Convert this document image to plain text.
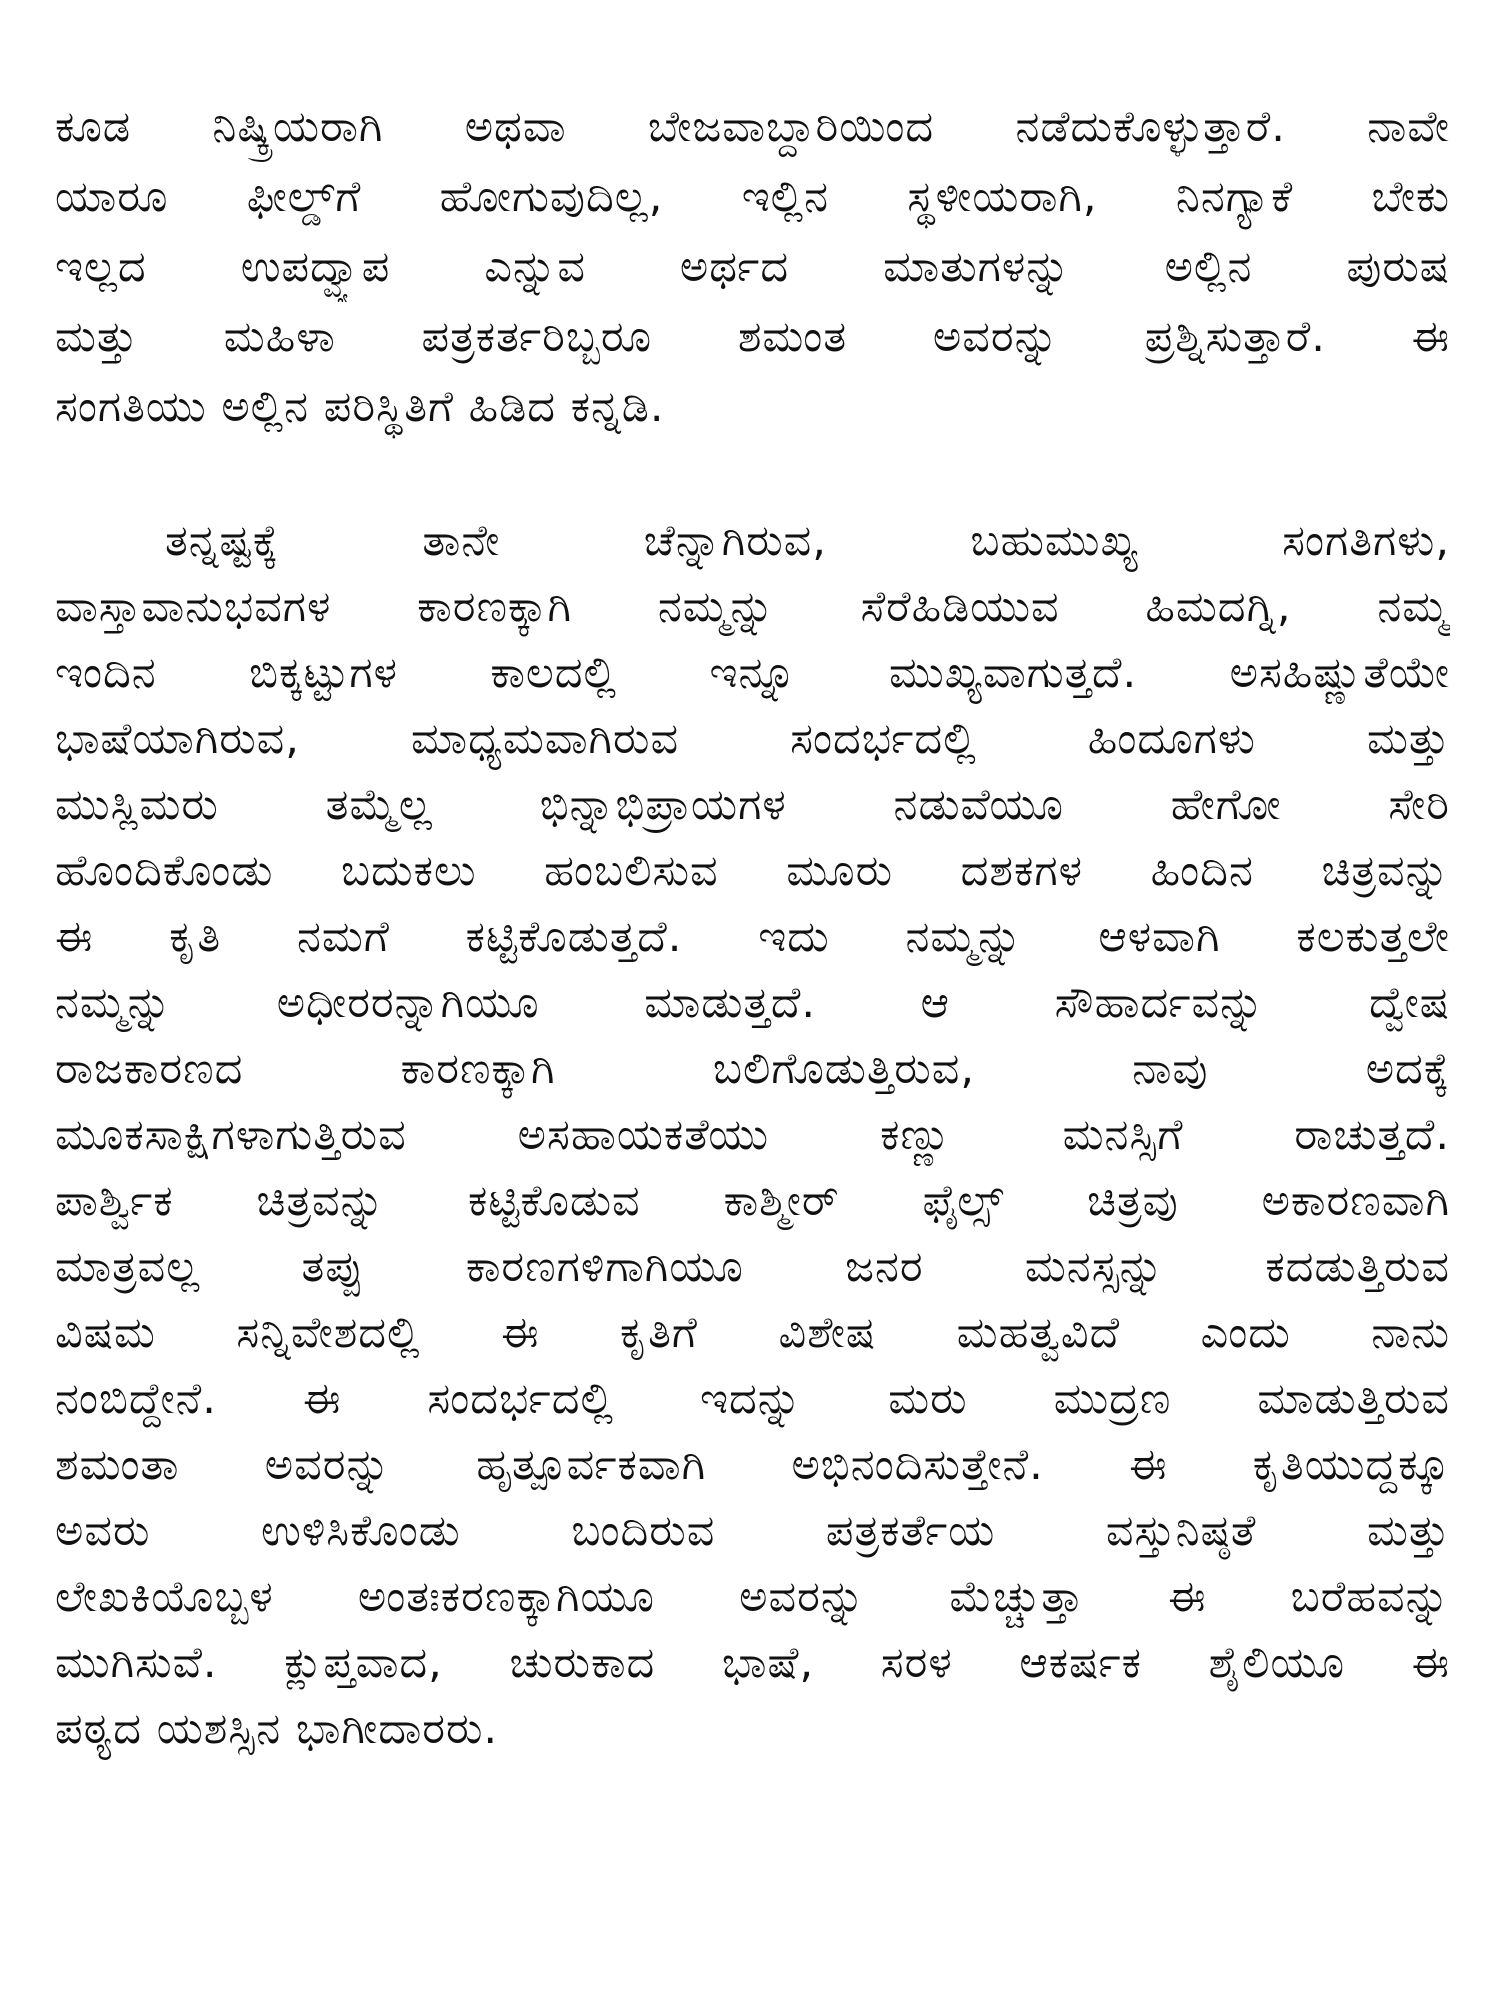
ಕೂಡ ನಿಷ್ಕ್ರಿಯರಾಗಿ ಅಥವಾ ಬೇಜವಾಬ್ದಾರಿಯಿಂದ ನಡೆದುಕೊಳ್ಳುತ್ತಾರೆ. ನಾವೇ
ಯಾರೂ ಫೀಲ್ಡ್‌ಗೆ ಹೋಗುವುದಿಲ್ಲ, ಇಲ್ಲಿನ ಸ್ಥಳೀಯರಾಗಿ, ನಿನಗ್ಯಾಕೆ ಬೇಕು
ಇಲ್ಲದ ಉಪದ್ವ್ಯಾಪ ಎನ್ನುವ ಅರ್ಥದ ಮಾತುಗಳನ್ನು ಅಲ್ಲಿನ ಪುರುಷ
ಮತ್ತು ಮಹಿಳಾ ಪತ್ರಕರ್ತರಿಬ್ಬರೂ ಶಮಂತ ಅವರನ್ನು ಪ್ರಶ್ನಿಸುತ್ತಾರೆ. ಈ
ಸಂಗತಿಯು ಅಲ್ಲಿನ ಪರಿಸ್ಥಿತಿಗೆ ಹಿಡಿದ ಕನ್ನಡಿ.
ತನ್ನಷ್ಟಕ್ಕೆ ತಾನೇ ಚೆನ್ನಾಗಿರುವ, ಬಹುಮುಖ್ಯ ಸಂಗತಿಗಳು,
ವಾಸ್ತಾವಾನುಭವಗಳ ಕಾರಣಕ್ಕಾಗಿ ನಮ್ಮನ್ನು ಸೆರೆಹಿಡಿಯುವ ಹಿಮದಗ್ನಿ, ನಮ್ಮ
ಇಂದಿನ ಬಿಕ್ಕಟ್ಟುಗಳ ಕಾಲದಲ್ಲಿ ಇನ್ನೂ ಮುಖ್ಯವಾಗುತ್ತದೆ. ಅಸಹಿಷ್ಣುತೆಯೇ
ಭಾಷೆಯಾಗಿರುವ, ಮಾಧ್ಯಮವಾಗಿರುವ ಸಂದರ್ಭದಲ್ಲಿ ಹಿಂದೂಗಳು ಮತ್ತು
ಮುಸ್ಲಿಮರು ತಮ್ಮೆಲ್ಲ ಭಿನ್ನಾಭಿಪ್ರಾಯಗಳ ನಡುವೆಯೂ ಹೇಗೋ ಸೇರಿ
ಹೊಂದಿಕೊಂಡು ಬದುಕಲು ಹಂಬಲಿಸುವ ಮೂರು ದಶಕಗಳ ಹಿಂದಿನ ಚಿತ್ರವನ್ನು
ಈ ಕೃತಿ ನಮಗೆ ಕಟ್ಟಿಕೊಡುತ್ತದೆ. ಇದು ನಮ್ಮನ್ನು ಆಳವಾಗಿ ಕಲಕುತ್ತಲೇ
ನಮ್ಮನ್ನು ಅಧೀರರನ್ನಾಗಿಯೂ ಮಾಡುತ್ತದೆ. ಆ ಸೌಹಾರ್ದವನ್ನು ದ್ವೇಷ
ರಾಜಕಾರಣದ ಕಾರಣಕ್ಕಾಗಿ ಬಲಿಗೊಡುತ್ತಿರುವ, ನಾವು ಅದಕ್ಕೆ
ಮೂಕಸಾಕ್ಷಿಗಳಾಗುತ್ತಿರುವ ಅಸಹಾಯಕತೆಯು ಕಣ್ಣು ಮನಸ್ಸಿಗೆ ರಾಚುತ್ತದೆ.
ಪಾರ್ಶ್ವಿಕ ಚಿತ್ರವನ್ನು ಕಟ್ಟಿಕೊಡುವ ಕಾಶ್ಮೀರ್ ಫೈಲ್ಸ್ ಚಿತ್ರವು ಅಕಾರಣವಾಗಿ
ಮಾತ್ರವಲ್ಲ ತಪ್ಪು ಕಾರಣಗಳಿಗಾಗಿಯೂ ಜನರ ಮನಸ್ಸನ್ನು ಕದಡುತ್ತಿರುವ
ವಿಷಮ ಸನ್ನಿವೇಶದಲ್ಲಿ ಈ ಕೃತಿಗೆ ವಿಶೇಷ ಮಹತ್ವವಿದೆ ಎಂದು ನಾನು
ನಂಬಿದ್ದೇನೆ. ಈ ಸಂದರ್ಭದಲ್ಲಿ ಇದನ್ನು ಮರು ಮುದ್ರಣ ಮಾಡುತ್ತಿರುವ
ಶಮಂತಾ ಅವರನ್ನು ಹೃತ್ಪೂರ್ವಕವಾಗಿ ಅಭಿನಂದಿಸುತ್ತೇನೆ. ಈ ಕೃತಿಯುದ್ದಕ್ಕೂ
ಅವರು ಉಳಿಸಿಕೊಂಡು ಬಂದಿರುವ ಪತ್ರಕರ್ತೆಯ ವಸ್ತುನಿಷ್ಠತೆ ಮತ್ತು
ಲೇಖಕಿಯೊಬ್ಬಳ ಅಂತಃಕರಣಕ್ಕಾಗಿಯೂ ಅವರನ್ನು ಮೆಚ್ಚುತ್ತಾ ಈ ಬರೆಹವನ್ನು
ಮುಗಿಸುವೆ. ಕ್ಲುಪ್ತವಾದ, ಚುರುಕಾದ ಭಾಷೆ, ಸರಳ ಆಕರ್ಷಕ ಶೈಲಿಯೂ ಈ
ಪಠ್ಯದ ಯಶಸ್ಸಿನ ಭಾಗೀದಾರರು.
